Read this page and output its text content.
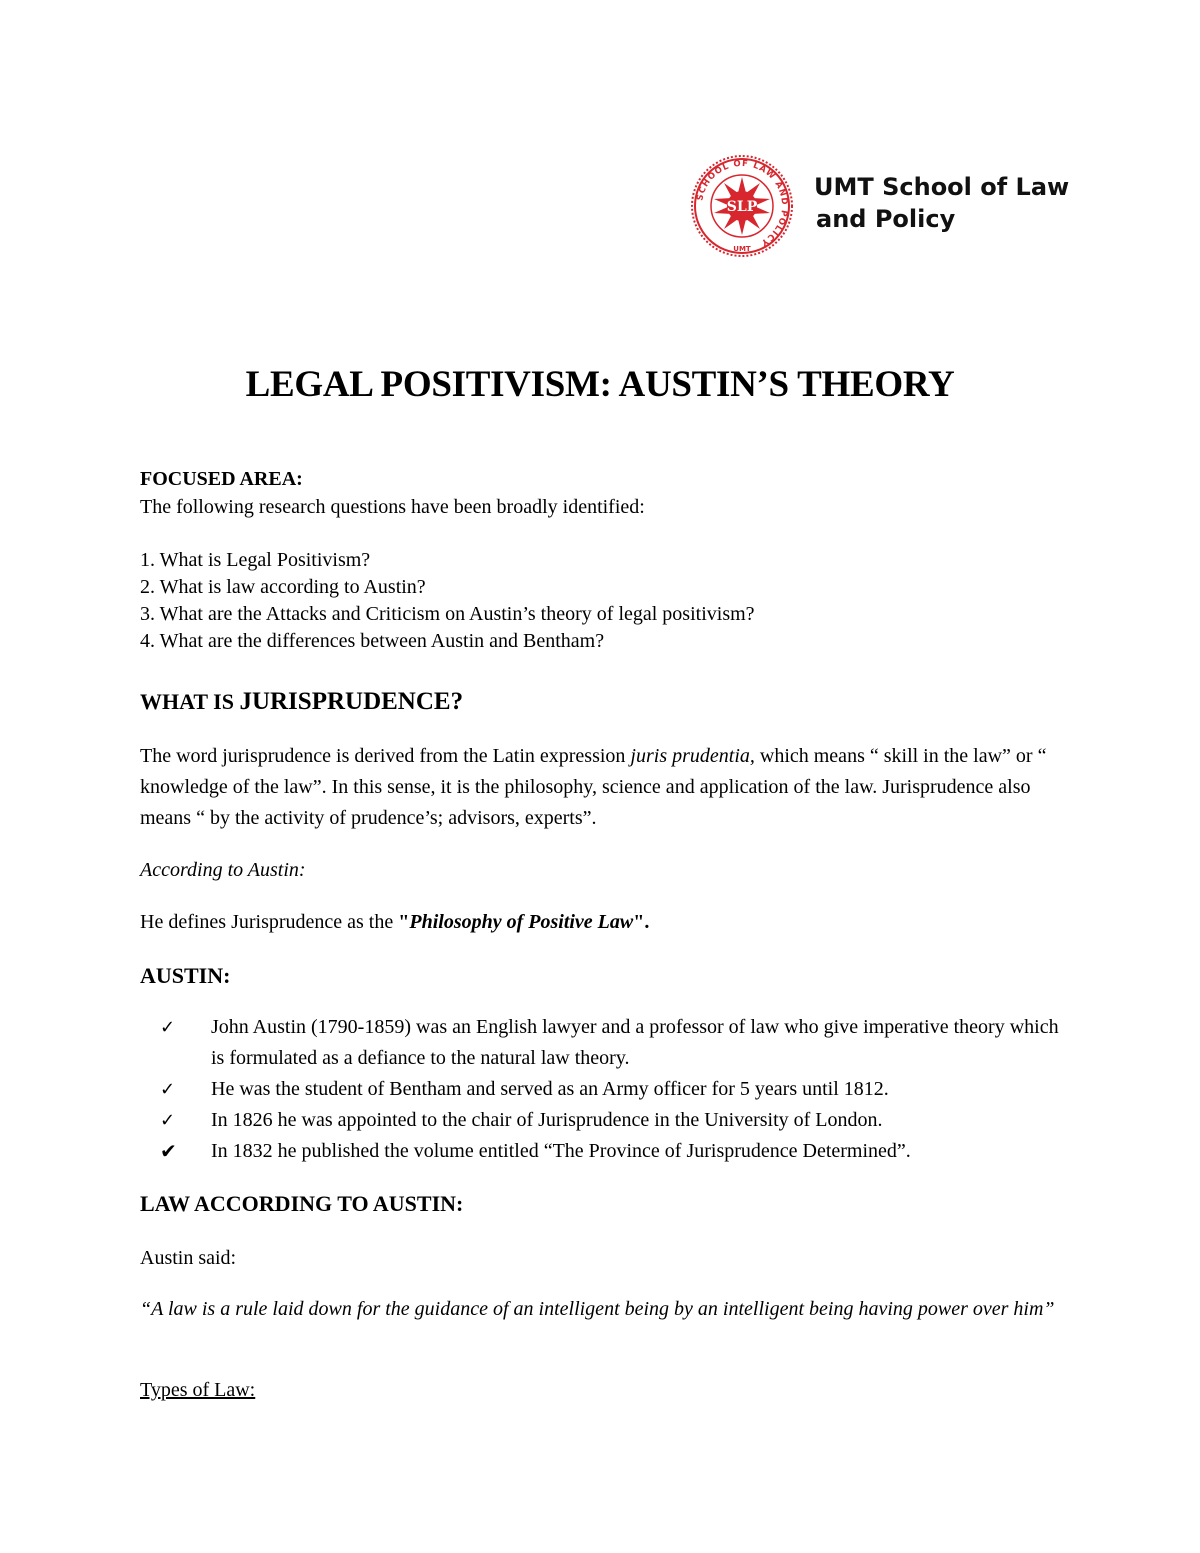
SCHOOL OF LAW AND POLICY
SLP
UMT

UMT School of Law
and Policy

LEGAL POSITIVISM: AUSTIN’S THEORY

FOCUSED AREA:

The following research questions have been broadly identified:

1. What is Legal Positivism?

2. What is law according to Austin?

3. What are the Attacks and Criticism on Austin’s theory of legal positivism?

4. What are the differences between Austin and Bentham?

WHAT IS JURISPRUDENCE?

The word jurisprudence is derived from the Latin expression juris prudentia, which means “ skill in the law” or “ knowledge of the law”. In this sense, it is the philosophy, science and application of the law. Jurisprudence also means “ by the activity of prudence’s; advisors, experts”.

According to Austin:

He defines Jurisprudence as the "Philosophy of Positive Law".

AUSTIN:
✓ John Austin (1790-1859) was an English lawyer and a professor of law who give imperative theory which is formulated as a defiance to the natural law theory.
✓ He was the student of Bentham and served as an Army officer for 5 years until 1812.
✓ In 1826 he was appointed to the chair of Jurisprudence in the University of London.
✔ In 1832 he published the volume entitled “The Province of Jurisprudence Determined”.
LAW ACCORDING TO AUSTIN:

Austin said:

“A law is a rule laid down for the guidance of an intelligent being by an intelligent being having power over him”

Types of Law:
